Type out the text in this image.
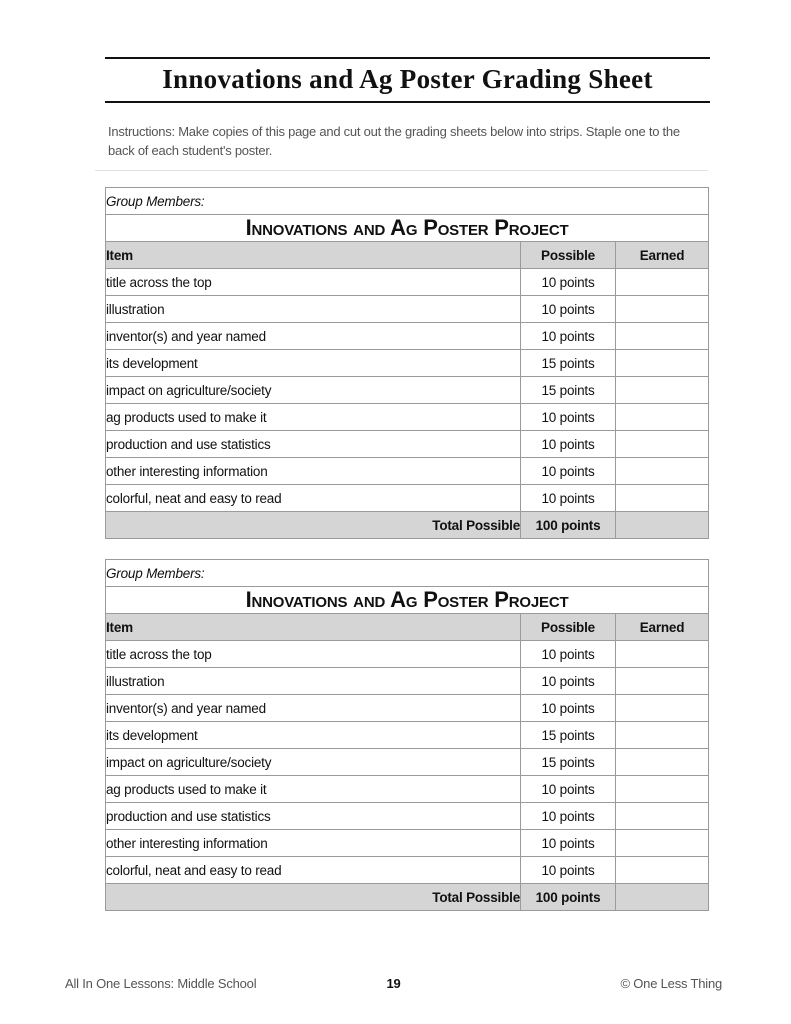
Innovations and Ag Poster Grading Sheet

Instructions: Make copies of this page and cut out the grading sheets below into strips. Staple one to the back of each student's poster.

Group Members:		
Innovations and Ag Poster Project		
Item	Possible	Earned
title across the top	10 points	
illustration	10 points	
inventor(s) and year named	10 points	
its development	15 points	
impact on agriculture/society	15 points	
ag products used to make it	10 points	
production and use statistics	10 points	
other interesting information	10 points	
colorful, neat and easy to read	10 points	
Total Possible	100 points	
Group Members:		
Innovations and Ag Poster Project		
Item	Possible	Earned
title across the top	10 points	
illustration	10 points	
inventor(s) and year named	10 points	
its development	15 points	
impact on agriculture/society	15 points	
ag products used to make it	10 points	
production and use statistics	10 points	
other interesting information	10 points	
colorful, neat and easy to read	10 points	
Total Possible	100 points	
All In One Lessons: Middle School	19	© One Less Thing
